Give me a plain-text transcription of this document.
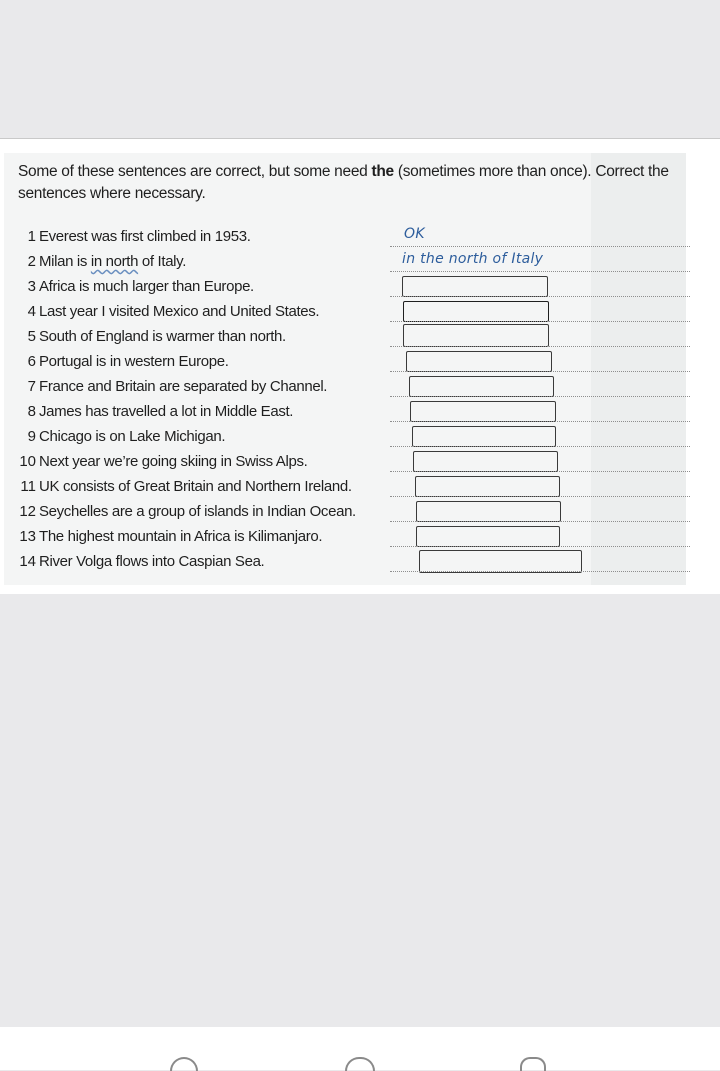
Some of these sentences are correct, but some need the (sometimes more than once). Correct the sentences where necessary.
1 Everest was first climbed in 1953.	OK
2 Milan is in north of Italy.	in the north of Italy
3 Africa is much larger than Europe.
4 Last year I visited Mexico and United States.
5 South of England is warmer than north.
6 Portugal is in western Europe.
7 France and Britain are separated by Channel.
8 James has travelled a lot in Middle East.
9 Chicago is on Lake Michigan.
10 Next year we’re going skiing in Swiss Alps.
11 UK consists of Great Britain and Northern Ireland.
12 Seychelles are a group of islands in Indian Ocean.
13 The highest mountain in Africa is Kilimanjaro.
14 River Volga flows into Caspian Sea.
